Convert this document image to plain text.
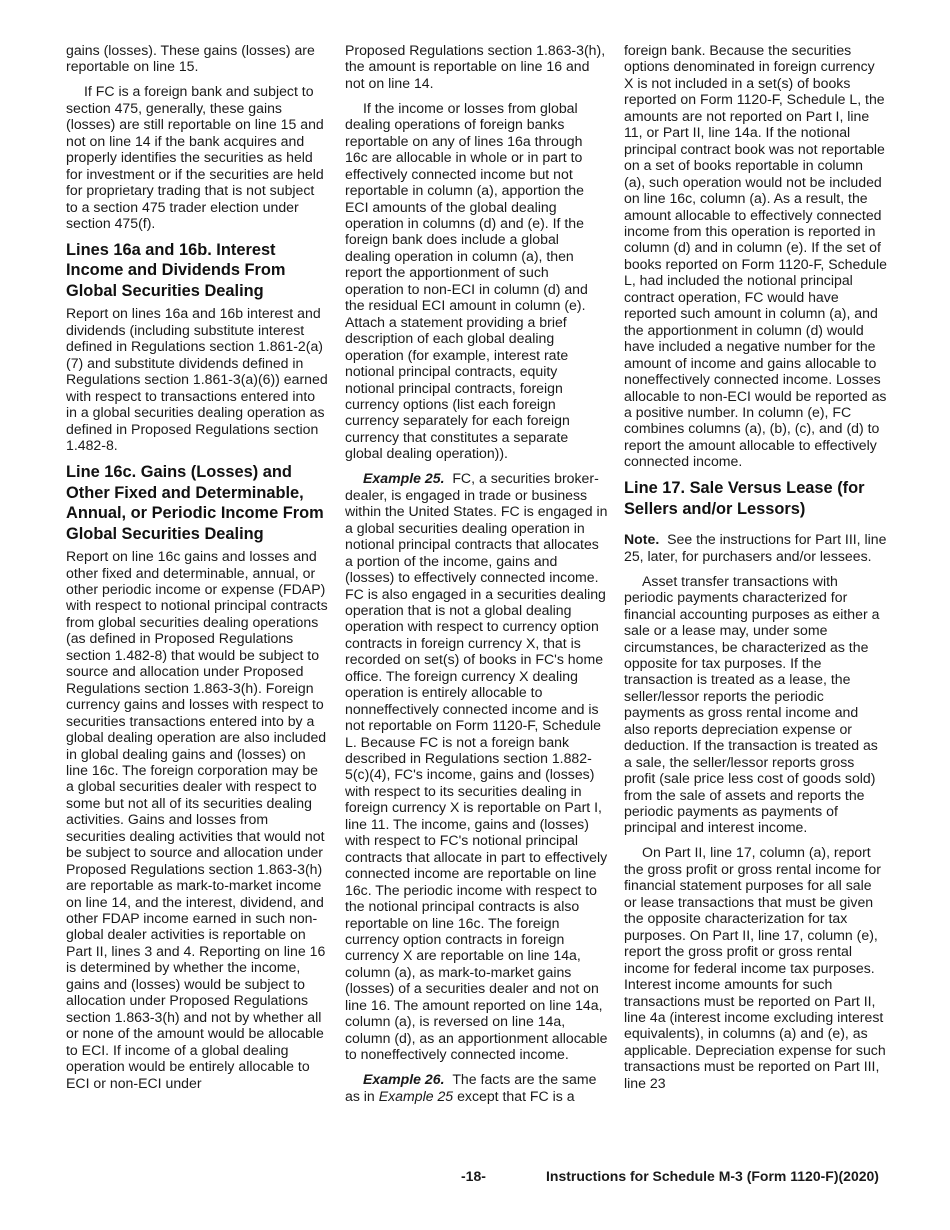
gains (losses). These gains (losses) are reportable on line 15.

If FC is a foreign bank and subject to section 475, generally, these gains (losses) are still reportable on line 15 and not on line 14 if the bank acquires and properly identifies the securities as held for investment or if the securities are held for proprietary trading that is not subject to a section 475 trader election under section 475(f).

Lines 16a and 16b. Interest Income and Dividends From Global Securities Dealing

Report on lines 16a and 16b interest and dividends (including substitute interest defined in Regulations section 1.861-2(a)(7) and substitute dividends defined in Regulations section 1.861-3(a)(6)) earned with respect to transactions entered into in a global securities dealing operation as defined in Proposed Regulations section 1.482-8.

Line 16c. Gains (Losses) and Other Fixed and Determinable, Annual, or Periodic Income From Global Securities Dealing

Report on line 16c gains and losses and other fixed and determinable, annual, or other periodic income or expense (FDAP) with respect to notional principal contracts from global securities dealing operations (as defined in Proposed Regulations section 1.482-8) that would be subject to source and allocation under Proposed Regulations section 1.863-3(h). Foreign currency gains and losses with respect to securities transactions entered into by a global dealing operation are also included in global dealing gains and (losses) on line 16c. The foreign corporation may be a global securities dealer with respect to some but not all of its securities dealing activities. Gains and losses from securities dealing activities that would not be subject to source and allocation under Proposed Regulations section 1.863-3(h) are reportable as mark-to-market income on line 14, and the interest, dividend, and other FDAP income earned in such non-global dealer activities is reportable on Part II, lines 3 and 4. Reporting on line 16 is determined by whether the income, gains and (losses) would be subject to allocation under Proposed Regulations section 1.863-3(h) and not by whether all or none of the amount would be allocable to ECI. If income of a global dealing operation would be entirely allocable to ECI or non-ECI under

Proposed Regulations section 1.863-3(h), the amount is reportable on line 16 and not on line 14.

If the income or losses from global dealing operations of foreign banks reportable on any of lines 16a through 16c are allocable in whole or in part to effectively connected income but not reportable in column (a), apportion the ECI amounts of the global dealing operation in columns (d) and (e). If the foreign bank does include a global dealing operation in column (a), then report the apportionment of such operation to non-ECI in column (d) and the residual ECI amount in column (e). Attach a statement providing a brief description of each global dealing operation (for example, interest rate notional principal contracts, equity notional principal contracts, foreign currency options (list each foreign currency separately for each foreign currency that constitutes a separate global dealing operation)).

Example 25. FC, a securities broker-dealer, is engaged in trade or business within the United States. FC is engaged in a global securities dealing operation in notional principal contracts that allocates a portion of the income, gains and (losses) to effectively connected income. FC is also engaged in a securities dealing operation that is not a global dealing operation with respect to currency option contracts in foreign currency X, that is recorded on set(s) of books in FC's home office. The foreign currency X dealing operation is entirely allocable to nonneffectively connected income and is not reportable on Form 1120-F, Schedule L. Because FC is not a foreign bank described in Regulations section 1.882-5(c)(4), FC's income, gains and (losses) with respect to its securities dealing in foreign currency X is reportable on Part I, line 11. The income, gains and (losses) with respect to FC's notional principal contracts that allocate in part to effectively connected income are reportable on line 16c. The periodic income with respect to the notional principal contracts is also reportable on line 16c. The foreign currency option contracts in foreign currency X are reportable on line 14a, column (a), as mark-to-market gains (losses) of a securities dealer and not on line 16. The amount reported on line 14a, column (a), is reversed on line 14a, column (d), as an apportionment allocable to noneffectively connected income.

Example 26. The facts are the same as in Example 25 except that FC is a

foreign bank. Because the securities options denominated in foreign currency X is not included in a set(s) of books reported on Form 1120-F, Schedule L, the amounts are not reported on Part I, line 11, or Part II, line 14a. If the notional principal contract book was not reportable on a set of books reportable in column (a), such operation would not be included on line 16c, column (a). As a result, the amount allocable to effectively connected income from this operation is reported in column (d) and in column (e). If the set of books reported on Form 1120-F, Schedule L, had included the notional principal contract operation, FC would have reported such amount in column (a), and the apportionment in column (d) would have included a negative number for the amount of income and gains allocable to noneffectively connected income. Losses allocable to non-ECI would be reported as a positive number. In column (e), FC combines columns (a), (b), (c), and (d) to report the amount allocable to effectively connected income.

Line 17. Sale Versus Lease (for Sellers and/or Lessors)

Note. See the instructions for Part III, line 25, later, for purchasers and/or lessees.

Asset transfer transactions with periodic payments characterized for financial accounting purposes as either a sale or a lease may, under some circumstances, be characterized as the opposite for tax purposes. If the transaction is treated as a lease, the seller/lessor reports the periodic payments as gross rental income and also reports depreciation expense or deduction. If the transaction is treated as a sale, the seller/lessor reports gross profit (sale price less cost of goods sold) from the sale of assets and reports the periodic payments as payments of principal and interest income.

On Part II, line 17, column (a), report the gross profit or gross rental income for financial statement purposes for all sale or lease transactions that must be given the opposite characterization for tax purposes. On Part II, line 17, column (e), report the gross profit or gross rental income for federal income tax purposes. Interest income amounts for such transactions must be reported on Part II, line 4a (interest income excluding interest equivalents), in columns (a) and (e), as applicable. Depreciation expense for such transactions must be reported on Part III, line 23

-18-	Instructions for Schedule M-3 (Form 1120-F)(2020)
